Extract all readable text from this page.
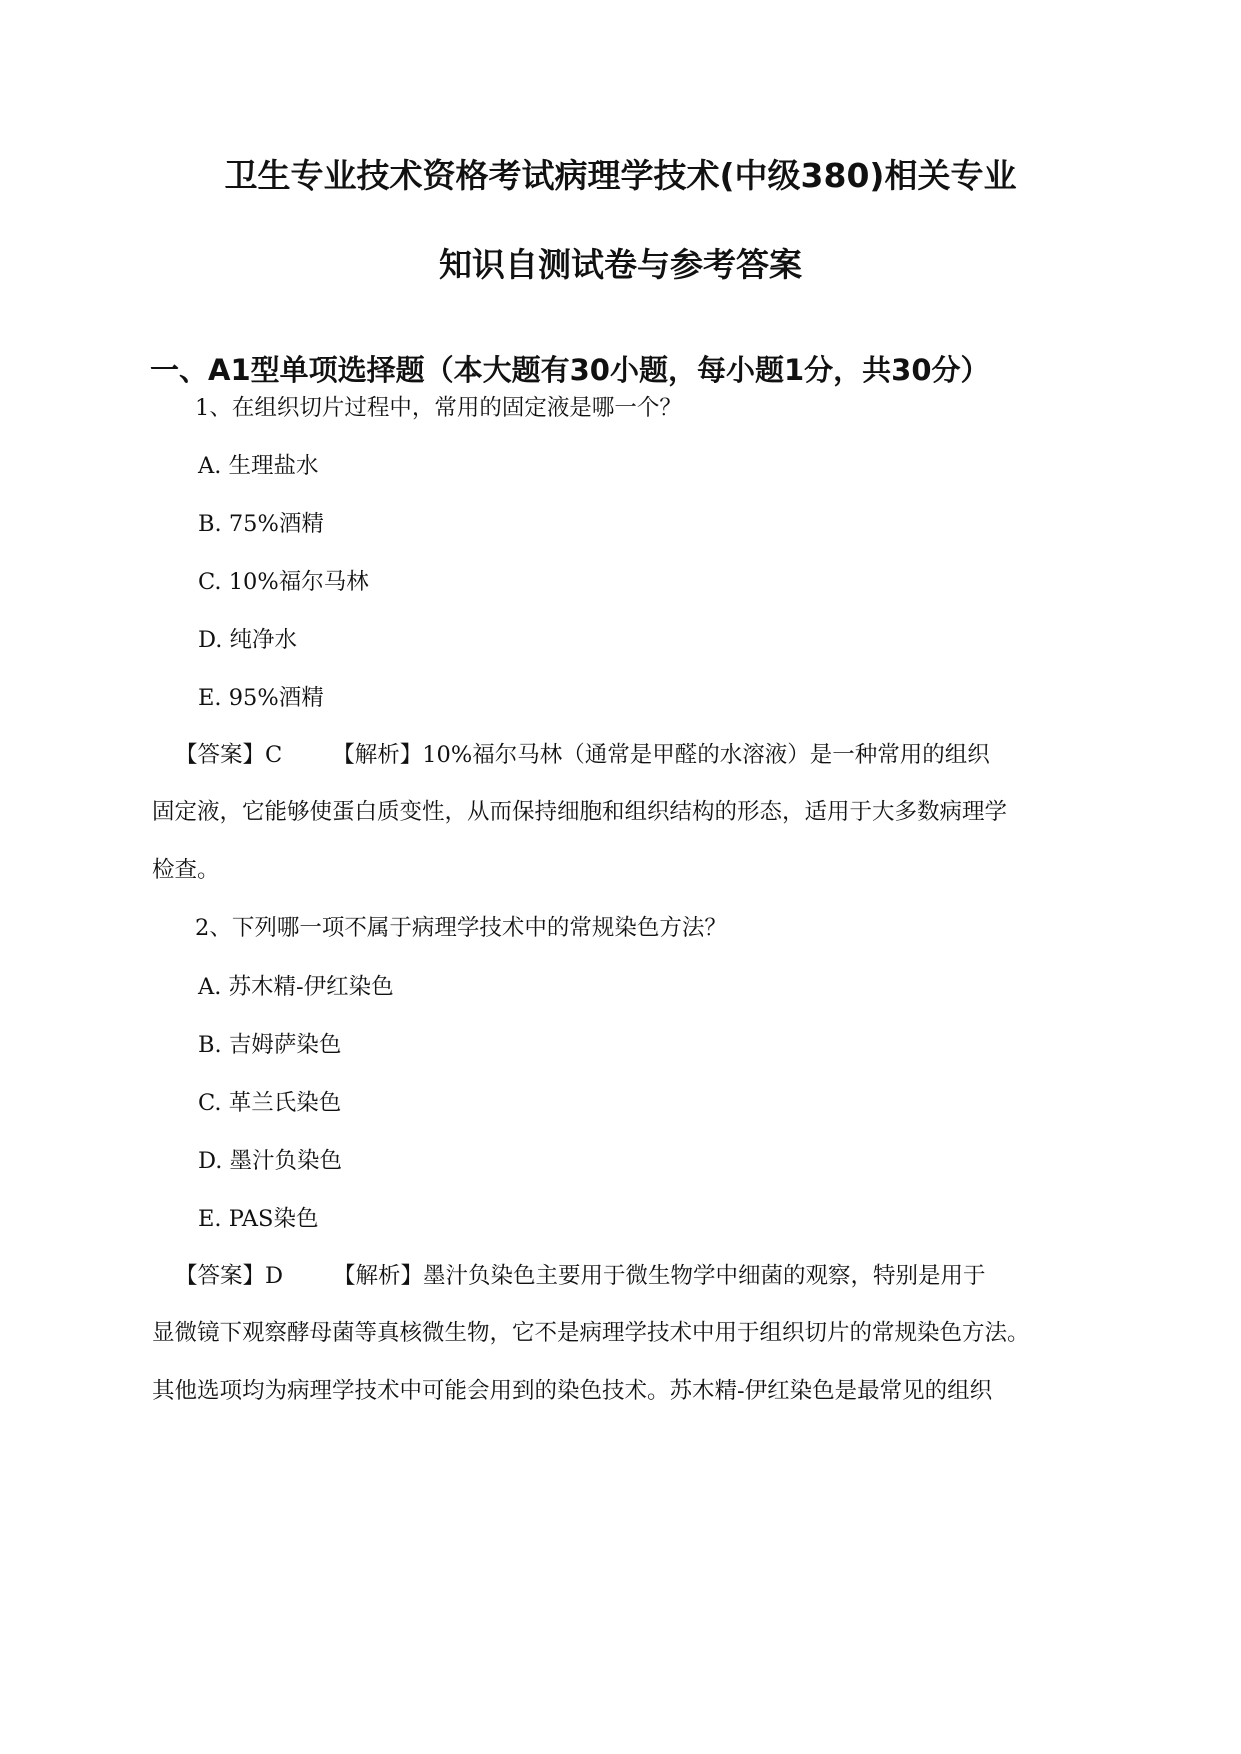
卫生专业技术资格考试病理学技术(中级380)相关专业
知识自测试卷与参考答案
一、A1型单项选择题（本大题有30小题，每小题1分，共30分）
1、在组织切片过程中，常用的固定液是哪一个？
A. 生理盐水
B. 75%酒精
C. 10%福尔马林
D. 纯净水
E. 95%酒精
【答案】C 【解析】10%福尔马林（通常是甲醛的水溶液）是一种常用的组织
固定液，它能够使蛋白质变性，从而保持细胞和组织结构的形态，适用于大多数病理学
检查。
2、下列哪一项不属于病理学技术中的常规染色方法？
A. 苏木精-伊红染色
B. 吉姆萨染色
C. 革兰氏染色
D. 墨汁负染色
E. PAS染色
【答案】D 【解析】墨汁负染色主要用于微生物学中细菌的观察，特别是用于
显微镜下观察酵母菌等真核微生物，它不是病理学技术中用于组织切片的常规染色方法。
其他选项均为病理学技术中可能会用到的染色技术。苏木精-伊红染色是最常见的组织
